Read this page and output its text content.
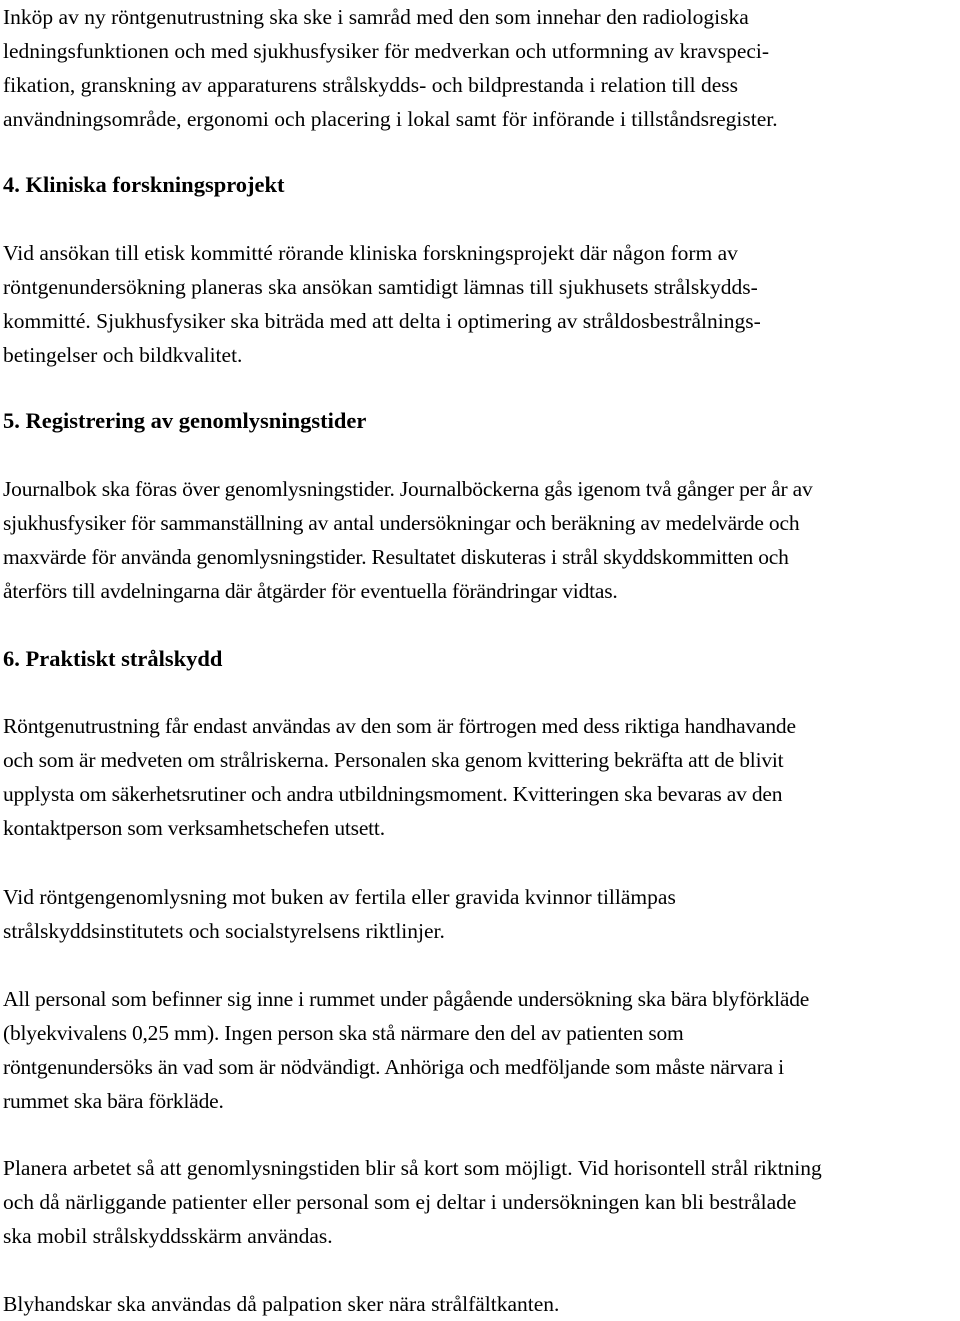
Inköp av ny röntgenutrustning ska ske i samråd med den som innehar den radiologiska
ledningsfunktionen och med sjukhusfysiker för medverkan och utformning av kravspeci-
fikation, granskning av apparaturens strålskydds- och bildprestanda i relation till dess
användningsområde, ergonomi och placering i lokal samt för införande i tillståndsregister.

4. Kliniska forskningsprojekt

Vid ansökan till etisk kommitté rörande kliniska forskningsprojekt där någon form av
röntgenundersökning planeras ska ansökan samtidigt lämnas till sjukhusets strålskydds-
kommitté. Sjukhusfysiker ska biträda med att delta i optimering av stråldosbestrålnings-
betingelser och bildkvalitet.

5. Registrering av genomlysningstider

Journalbok ska föras över genomlysningstider. Journalböckerna gås igenom två gånger per år av
sjukhusfysiker för sammanställning av antal undersökningar och beräkning av medelvärde och
maxvärde för använda genomlysningstider. Resultatet diskuteras i strål skyddskommitten och
återförs till avdelningarna där åtgärder för eventuella förändringar vidtas.

6. Praktiskt strålskydd

Röntgenutrustning får endast användas av den som är förtrogen med dess riktiga handhavande
och som är medveten om strålriskerna. Personalen ska genom kvittering bekräfta att de blivit
upplysta om säkerhetsrutiner och andra utbildningsmoment. Kvitteringen ska bevaras av den
kontaktperson som verksamhetschefen utsett.

Vid röntgengenomlysning mot buken av fertila eller gravida kvinnor tillämpas
strålskyddsinstitutets och socialstyrelsens riktlinjer.

All personal som befinner sig inne i rummet under pågående undersökning ska bära blyförkläde
(blyekvivalens 0,25 mm). Ingen person ska stå närmare den del av patienten som
röntgenundersöks än vad som är nödvändigt. Anhöriga och medföljande som måste närvara i
rummet ska bära förkläde.

Planera arbetet så att genomlysningstiden blir så kort som möjligt. Vid horisontell strål riktning
och då närliggande patienter eller personal som ej deltar i undersökningen kan bli bestrålade
ska mobil strålskyddsskärm användas.

Blyhandskar ska användas då palpation sker nära strålfältkanten.
